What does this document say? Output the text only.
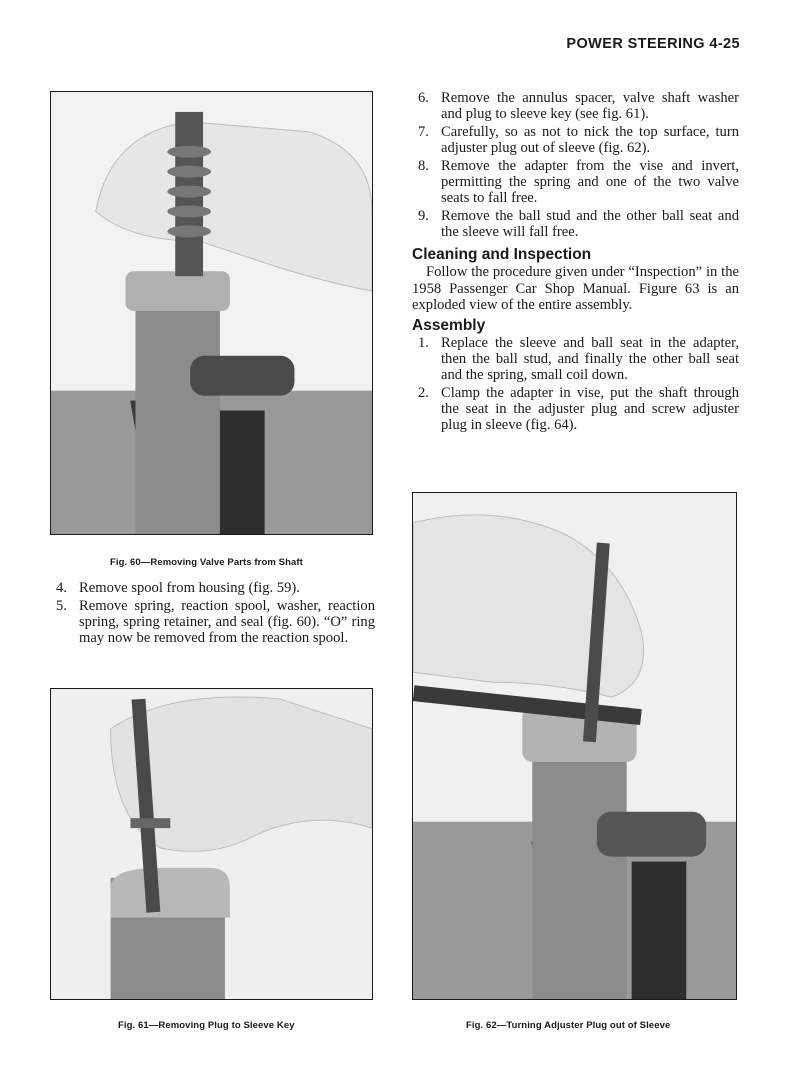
POWER STEERING 4-25
Fig. 60—Removing Valve Parts from Shaft
4. Remove spool from housing (fig. 59).
5. Remove spring, reaction spool, washer, reaction spring, spring retainer, and seal (fig. 60). “O” ring may now be removed from the reaction spool.
Fig. 61—Removing Plug to Sleeve Key
6. Remove the annulus spacer, valve shaft washer and plug to sleeve key (see fig. 61).
7. Carefully, so as not to nick the top surface, turn adjuster plug out of sleeve (fig. 62).
8. Remove the adapter from the vise and invert, permitting the spring and one of the two valve seats to fall free.
9. Remove the ball stud and the other ball seat and the sleeve will fall free.
Cleaning and Inspection

Follow the procedure given under “Inspection” in the 1958 Passenger Car Shop Manual. Figure 63 is an exploded view of the entire assembly.

Assembly
1. Replace the sleeve and ball seat in the adapter, then the ball stud, and finally the other ball seat and the spring, small coil down.
2. Clamp the adapter in vise, put the shaft through the seat in the adjuster plug and screw adjuster plug in sleeve (fig. 64).
Fig. 62—Turning Adjuster Plug out of Sleeve
